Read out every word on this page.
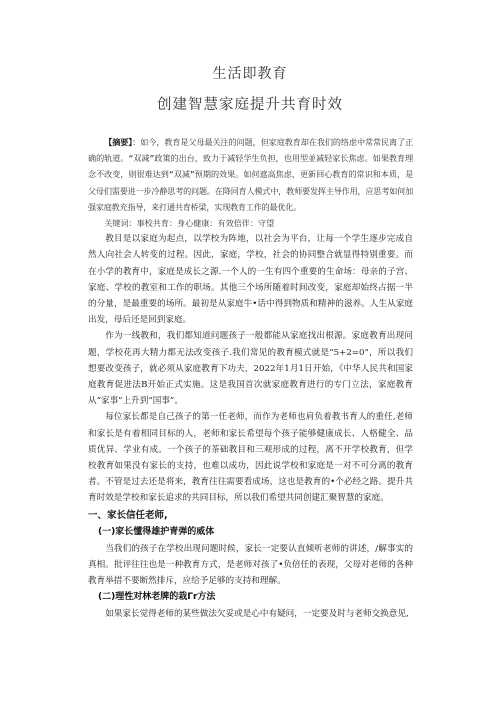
生活即教育
创建智慧家庭提升共育时效

【摘要】：如今，教育是父母最关注的问题，但家庭教育却在我们的络虑中常常民离了正确的轨道。“双减”政策的出台，致力于减轻学生负担，也用型並减轻家长焦虑。如果教育理念不改变，则很难达到“双减”预期的效果。如何遮高焦虑，更新回心教育的常识和本质，是父母们需要进一步冷静思考的问题。在降同育人模式中，教师要发挥主导作用，应思考如何加强家庭教充指导，来打通共育桥梁，实现教育工作的最优化。

关键词：事校共育：身心健康：有效倍伴：守望

教目是以家庭为起点，以学校为阵地，以社会为平台，让每一个学生逐步完成自然人向社会人转变的过程。因此，家庭，学校，社会的协同整合就显得特别重要。而在小学的教育中，家庭是成长之源.一个人的一生有四个重要的生命场：母亲的子宫、家庭、学校的教室和工作的职场。其他三个场所随着时间改变，家庭却始终占据一半的分量，是最重要的场所。最初是从家庭牛•话中得到物质和精神的滋养。人生从家庭出发，母后还是回到家庭。

作为一线教和，我们都知道问题孩子一般都能从家庭找出根源。家庭教育出现问题，学校花再大精力都无法改变孩子.我们常见的教育模式就是“5+2=0”，所以我们想要改变孩子，就必须从家庭教育下功夫，2022年1月1日开始，《中华人民共和国家庭教育促进法B开始正式实施。这是我国首次就家庭教育进行的专门立法，家庭教育从“家事”上升到“国事”。

每位家长都是自己孩子的第一任老师，而作为老师也肩负着教书育人的重任,老师和家长是有着相同目标的人，老师和家长希望每个孩子能够健康成长、人格健全、品质优异、学业有成。一个孩子的茶础教目和三观形成的过程，离不开学校教育，但学校教育如果没有家长的支持，也难以成功，因此说学校和家庭是一对不可分离的教育者。不管是过去还是将来，教育往往需要看成场，这也是教育的•个必经之路。提升共育时效是学校和家长追求的共同目标，所以我们希望共同创建汇聚智慧的家庭。

一、家长信任老师,

(一)家长懂得雄护青弹的威体

当我们的孩子在学校出现问题时候，家长一定要认直倾听老师的讲述，/解事实的真相。批评往往也是一种教育方式，是老师对孩了•负倍任的表现，父母对老师的各种教育举措不要断然排斥，应给予足够的支持和理解。

(二)理性对林老牌的栽Γr方法

如果家长觉得老师的某些做法欠妥或是心中有疑问，一定要及时与老师交换意见,
